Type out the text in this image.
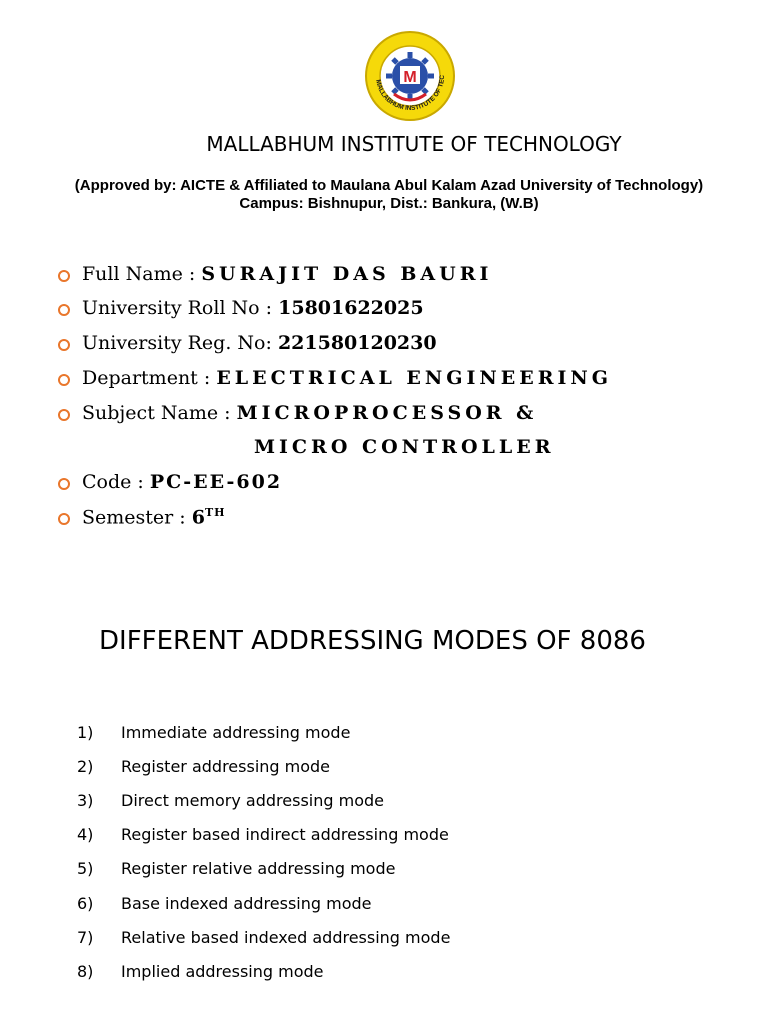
M
MALLABHUM INSTITUTE OF TEC
MALLABHUM INSTITUTE OF TECHNOLOGY
(Approved by: AICTE & Affiliated to Maulana Abul Kalam Azad University of Technology)
Campus: Bishnupur, Dist.: Bankura, (W.B)
Full Name : SURAJIT DAS BAURI
University Roll No : 15801622025
University Reg. No: 221580120230
Department : ELECTRICAL ENGINEERING
Subject Name : MICROPROCESSOR &
MICRO CONTROLLER
Code : PC-EE-602
Semester : 6TH
DIFFERENT ADDRESSING MODES OF 8086
1) Immediate addressing mode
2) Register addressing mode
3) Direct memory addressing mode
4) Register based indirect addressing mode
5) Register relative addressing mode
6) Base indexed addressing mode
7) Relative based indexed addressing mode
8) Implied addressing mode
